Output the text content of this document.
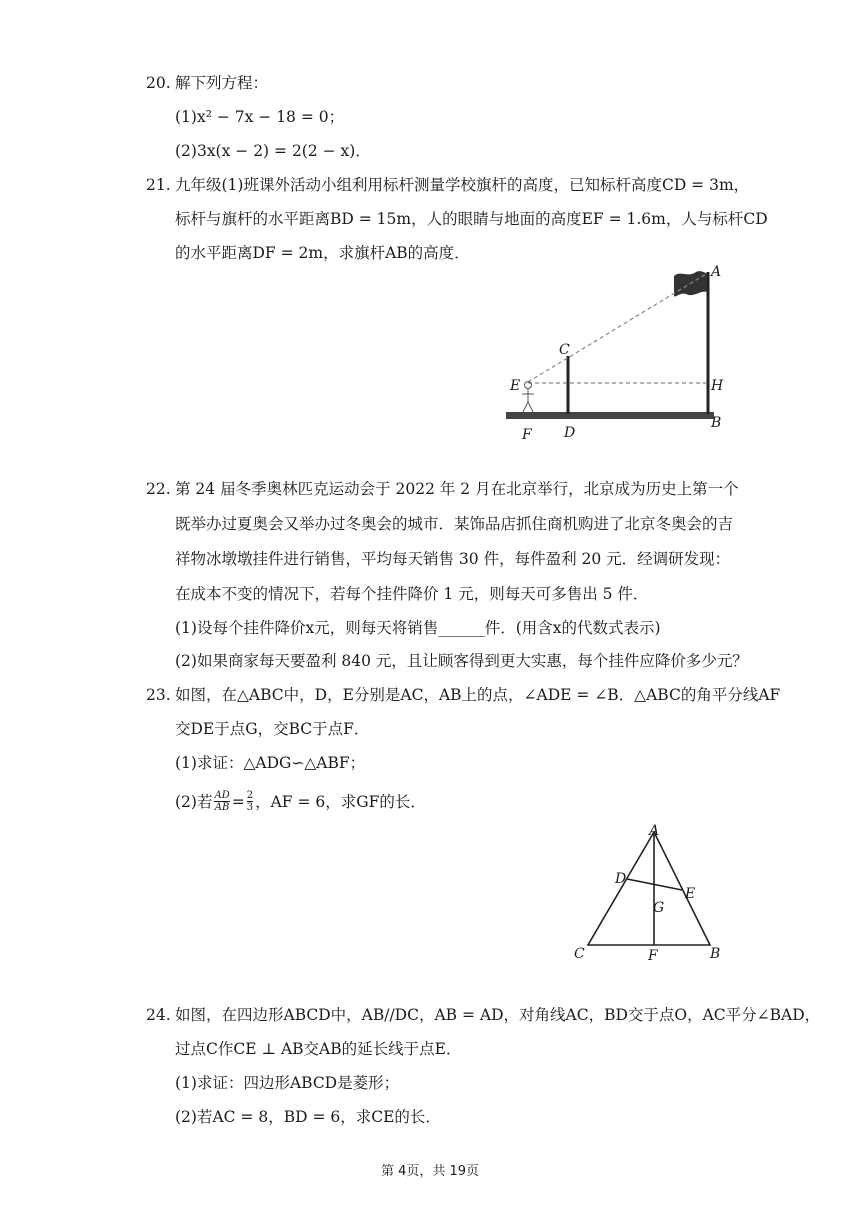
20. 解下列方程：
(1)x² − 7x − 18 = 0；
(2)3x(x − 2) = 2(2 − x)．
21. 九年级(1)班课外活动小组利用标杆测量学校旗杆的高度，已知标杆高度CD = 3m，
标杆与旗杆的水平距离BD = 15m，人的眼睛与地面的高度EF = 1.6m，人与标杆CD
的水平距离DF = 2m，求旗杆AB的高度．
A
B
C
D
E
F
H
22. 第 24 届冬季奥林匹克运动会于 2022 年 2 月在北京举行，北京成为历史上第一个
既举办过夏奥会又举办过冬奥会的城市．某饰品店抓住商机购进了北京冬奥会的吉
祥物冰墩墩挂件进行销售，平均每天销售 30 件，每件盈利 20 元．经调研发现：
在成本不变的情况下，若每个挂件降价 1 元，则每天可多售出 5 件．
(1)设每个挂件降价x元，则每天将销售______件．(用含x的代数式表示)
(2)如果商家每天要盈利 840 元，且让顾客得到更大实惠，每个挂件应降价多少元？
23. 如图，在△ABC中，D，E分别是AC，AB上的点，∠ADE = ∠B．△ABC的角平分线AF
交DE于点G，交BC于点F．
(1)求证：△ADG∽△ABF；
(2)若 $\frac{AD}{AB} = \frac{2}{3}$ ，AF = 6，求GF的长．
A
B
C
D
E
F
G
24. 如图，在四边形ABCD中，AB//DC，AB = AD，对角线AC，BD交于点O，AC平分∠BAD，
过点C作CE ⊥ AB交AB的延长线于点E．
(1)求证：四边形ABCD是菱形；
(2)若AC = 8，BD = 6，求CE的长．
第 4页，共 19页
